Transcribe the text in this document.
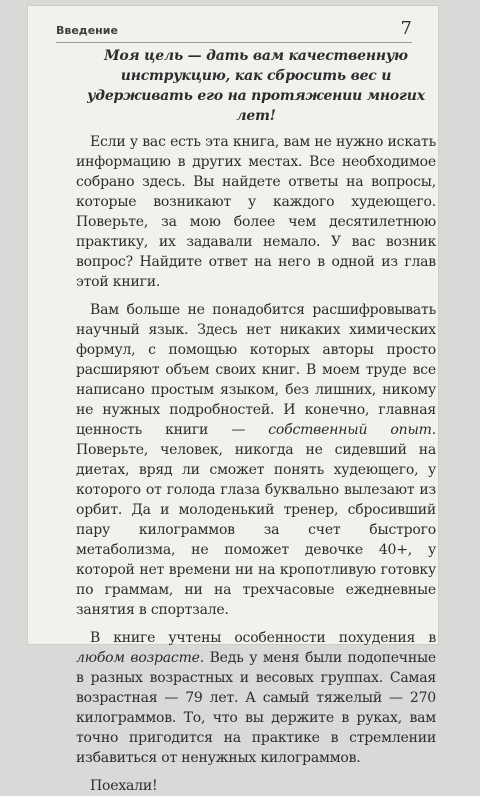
Введение	7
Моя цель — дать вам качественную инструкцию, как сбросить вес и удерживать его на протяжении многих лет!

Если у вас есть эта книга, вам не нужно искать информацию в других местах. Все необходимое собрано здесь. Вы найдете ответы на вопросы, которые возникают у каждого худеющего. Поверьте, за мою более чем десятилетнюю практику, их задавали немало. У вас возник вопрос? Найдите ответ на него в одной из глав этой книги.

Вам больше не понадобится расшифровывать научный язык. Здесь нет никаких химических формул, с помощью которых авторы просто расширяют объем своих книг. В моем труде все написано простым языком, без лишних, никому не нужных подробностей. И конечно, главная ценность книги — собственный опыт. Поверьте, человек, никогда не сидевший на диетах, вряд ли сможет понять худеющего, у которого от голода глаза буквально вылезают из орбит. Да и молоденький тренер, сбросивший пару килограммов за счет быстрого метаболизма, не поможет девочке 40+, у которой нет времени ни на кропотливую готовку по граммам, ни на трехчасовые ежедневные занятия в спортзале.

В книге учтены особенности похудения в любом возрасте. Ведь у меня были подопечные в разных возрастных и весовых группах. Самая возрастная — 79 лет. А самый тяжелый — 270 килограммов. То, что вы держите в руках, вам точно пригодится на практике в стремлении избавиться от ненужных килограммов.

Поехали!
